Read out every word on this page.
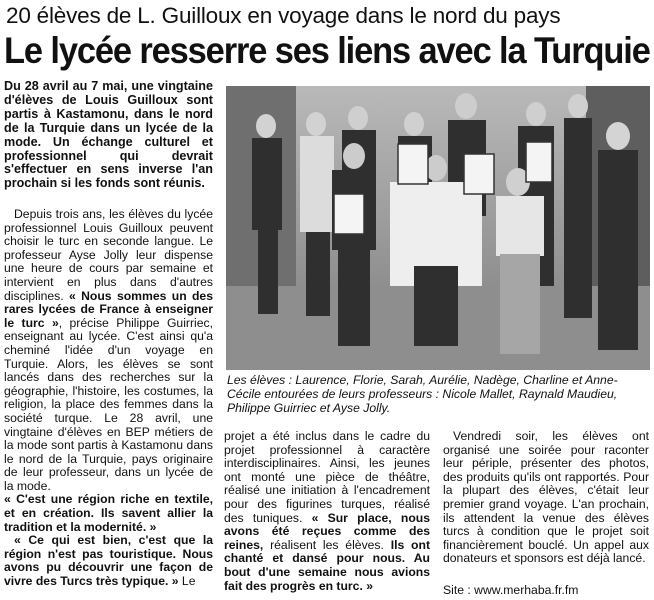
20 élèves de L. Guilloux en voyage dans le nord du pays
Le lycée resserre ses liens avec la Turquie
Du 28 avril au 7 mai, une vingtaine d'élèves de Louis Guilloux sont partis à Kastamonu, dans le nord de la Turquie dans un lycée de la mode. Un échange culturel et professionnel qui devrait s'effectuer en sens inverse l'an prochain si les fonds sont réunis.

Depuis trois ans, les élèves du lycée professionnel Louis Guilloux peuvent choisir le turc en seconde langue. Le professeur Ayse Jolly leur dispense une heure de cours par semaine et intervient en plus dans d'autres disciplines. « Nous sommes un des rares lycées de France à enseigner le turc », précise Philippe Guirriec, enseignant au lycée. C'est ainsi qu'a cheminé l'idée d'un voyage en Turquie. Alors, les élèves se sont lancés dans des recherches sur la géographie, l'histoire, les costumes, la religion, la place des femmes dans la société turque. Le 28 avril, une vingtaine d'élèves en BEP métiers de la mode sont partis à Kastamonu dans le nord de la Turquie, pays originaire de leur professeur, dans un lycée de la mode.

« C'est une région riche en textile, et en création. Ils savent allier la tradition et la modernité. »

« Ce qui est bien, c'est que la région n'est pas touristique. Nous avons pu découvrir une façon de vivre des Turcs très typique. » Le

Les élèves : Laurence, Florie, Sarah, Aurélie, Nadège, Charline et Anne-Cécile entourées de leurs professeurs : Nicole Mallet, Raynald Maudieu, Philippe Guirriec et Ayse Jolly.

projet a été inclus dans le cadre du projet professionnel à caractère interdisciplinaires. Ainsi, les jeunes ont monté une pièce de théâtre, réalisé une initiation à l'encadrement pour des figurines turques, réalisé des tuniques. « Sur place, nous avons été reçues comme des reines, réalisent les élèves. Ils ont chanté et dansé pour nous. Au bout d'une semaine nous avions fait des progrès en turc. »

Vendredi soir, les élèves ont organisé une soirée pour raconter leur périple, présenter des photos, des produits qu'ils ont rapportés. Pour la plupart des élèves, c'était leur premier grand voyage. L'an prochain, ils attendent la venue des élèves turcs à condition que le projet soit financièrement bouclé. Un appel aux donateurs et sponsors est déjà lancé.

Site : www.merhaba.fr.fm
